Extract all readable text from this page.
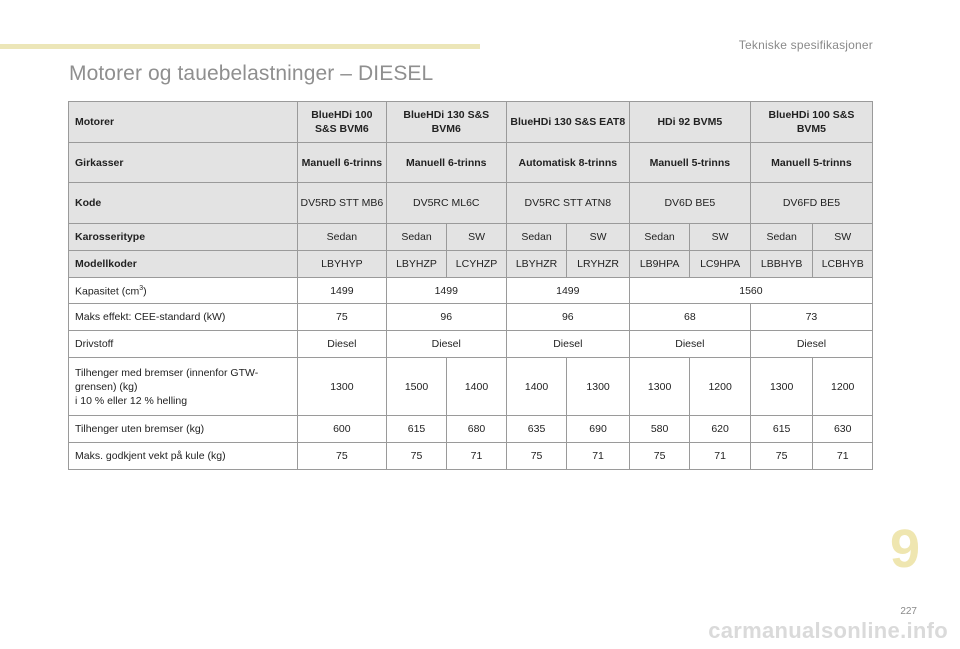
Tekniske spesifikasjoner
Motorer og tauebelastninger – DIESEL
Motorer	BlueHDi 100 S&S BVM6	BlueHDi 130 S&S BVM6		BlueHDi 130 S&S EAT8		HDi 92 BVM5		BlueHDi 100 S&S BVM5	
Girkasser	Manuell 6-trinns	Manuell 6-trinns		Automatisk 8-trinns		Manuell 5-trinns		Manuell 5-trinns	
Kode	DV5RD STT MB6	DV5RC ML6C		DV5RC STT ATN8		DV6D BE5		DV6FD BE5	
Karosseritype	Sedan	Sedan	SW	Sedan	SW	Sedan	SW	Sedan	SW
Modellkoder	LBYHYP	LBYHZP	LCYHZP	LBYHZR	LRYHZR	LB9HPA	LC9HPA	LBBHYB	LCBHYB
Kapasitet $(cm^3)$	1499	1499		1499		1560			
Maks effekt: CEE-standard (kW)	75	96		96		68		73	
Drivstoff	Diesel	Diesel		Diesel		Diesel		Diesel	

Tilhenger med bremser (innenfor GTW-
grensen) (kg)
i 10 % eller 12 % helling	1300	1500	1400	1400	1300	1300	1200	1300	1200
Tilhenger uten bremser (kg)	600	615	680	635	690	580	620	615	630
Maks. godkjent vekt på kule (kg)	75	75	71	75	71	75	71	75	71
9
227
carmanualsonline.info
